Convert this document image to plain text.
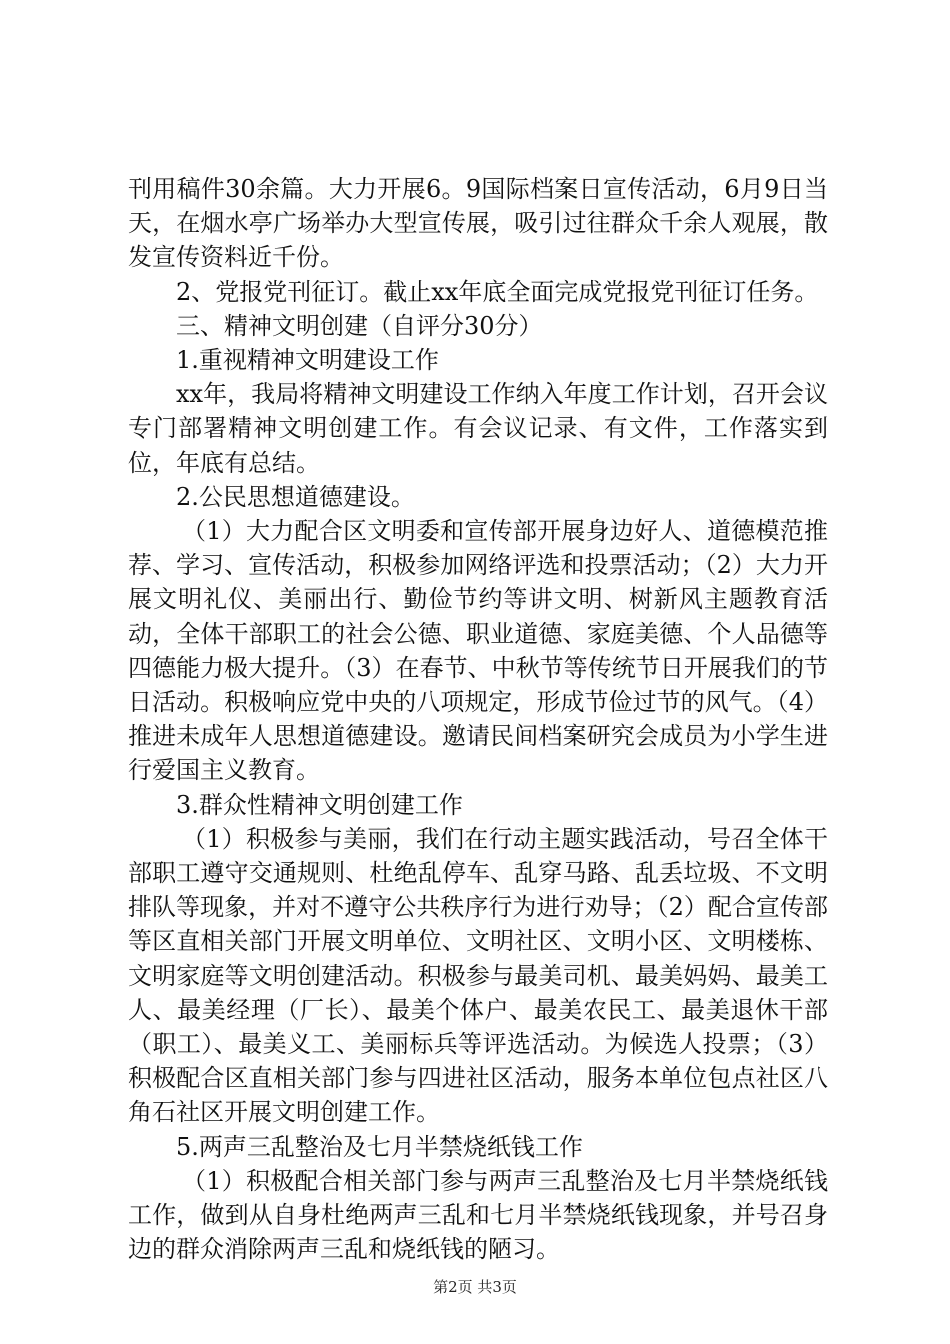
刊用稿件30余篇。大力开展6。9国际档案日宣传活动，6月9日当天，在烟水亭广场举办大型宣传展，吸引过往群众千余人观展，散发宣传资料近千份。

2、党报党刊征订。截止xx年底全面完成党报党刊征订任务。

三、精神文明创建（自评分30分）

1.重视精神文明建设工作

xx年，我局将精神文明建设工作纳入年度工作计划，召开会议专门部署精神文明创建工作。有会议记录、有文件，工作落实到位，年底有总结。

2.公民思想道德建设。

（1）大力配合区文明委和宣传部开展身边好人、道德模范推荐、学习、宣传活动，积极参加网络评选和投票活动；（2）大力开展文明礼仪、美丽出行、勤俭节约等讲文明、树新风主题教育活动，全体干部职工的社会公德、职业道德、家庭美德、个人品德等四德能力极大提升。（3）在春节、中秋节等传统节日开展我们的节日活动。积极响应党中央的八项规定，形成节俭过节的风气。（4）推进未成年人思想道德建设。邀请民间档案研究会成员为小学生进行爱国主义教育。

3.群众性精神文明创建工作

（1）积极参与美丽，我们在行动主题实践活动，号召全体干部职工遵守交通规则、杜绝乱停车、乱穿马路、乱丢垃圾、不文明排队等现象，并对不遵守公共秩序行为进行劝导；（2）配合宣传部等区直相关部门开展文明单位、文明社区、文明小区、文明楼栋、文明家庭等文明创建活动。积极参与最美司机、最美妈妈、最美工人、最美经理（厂长）、最美个体户、最美农民工、最美退休干部（职工）、最美义工、美丽标兵等评选活动。为候选人投票；（3）积极配合区直相关部门参与四进社区活动，服务本单位包点社区八角石社区开展文明创建工作。

5.两声三乱整治及七月半禁烧纸钱工作

（1）积极配合相关部门参与两声三乱整治及七月半禁烧纸钱工作，做到从自身杜绝两声三乱和七月半禁烧纸钱现象，并号召身边的群众消除两声三乱和烧纸钱的陋习。

第2页 共3页
